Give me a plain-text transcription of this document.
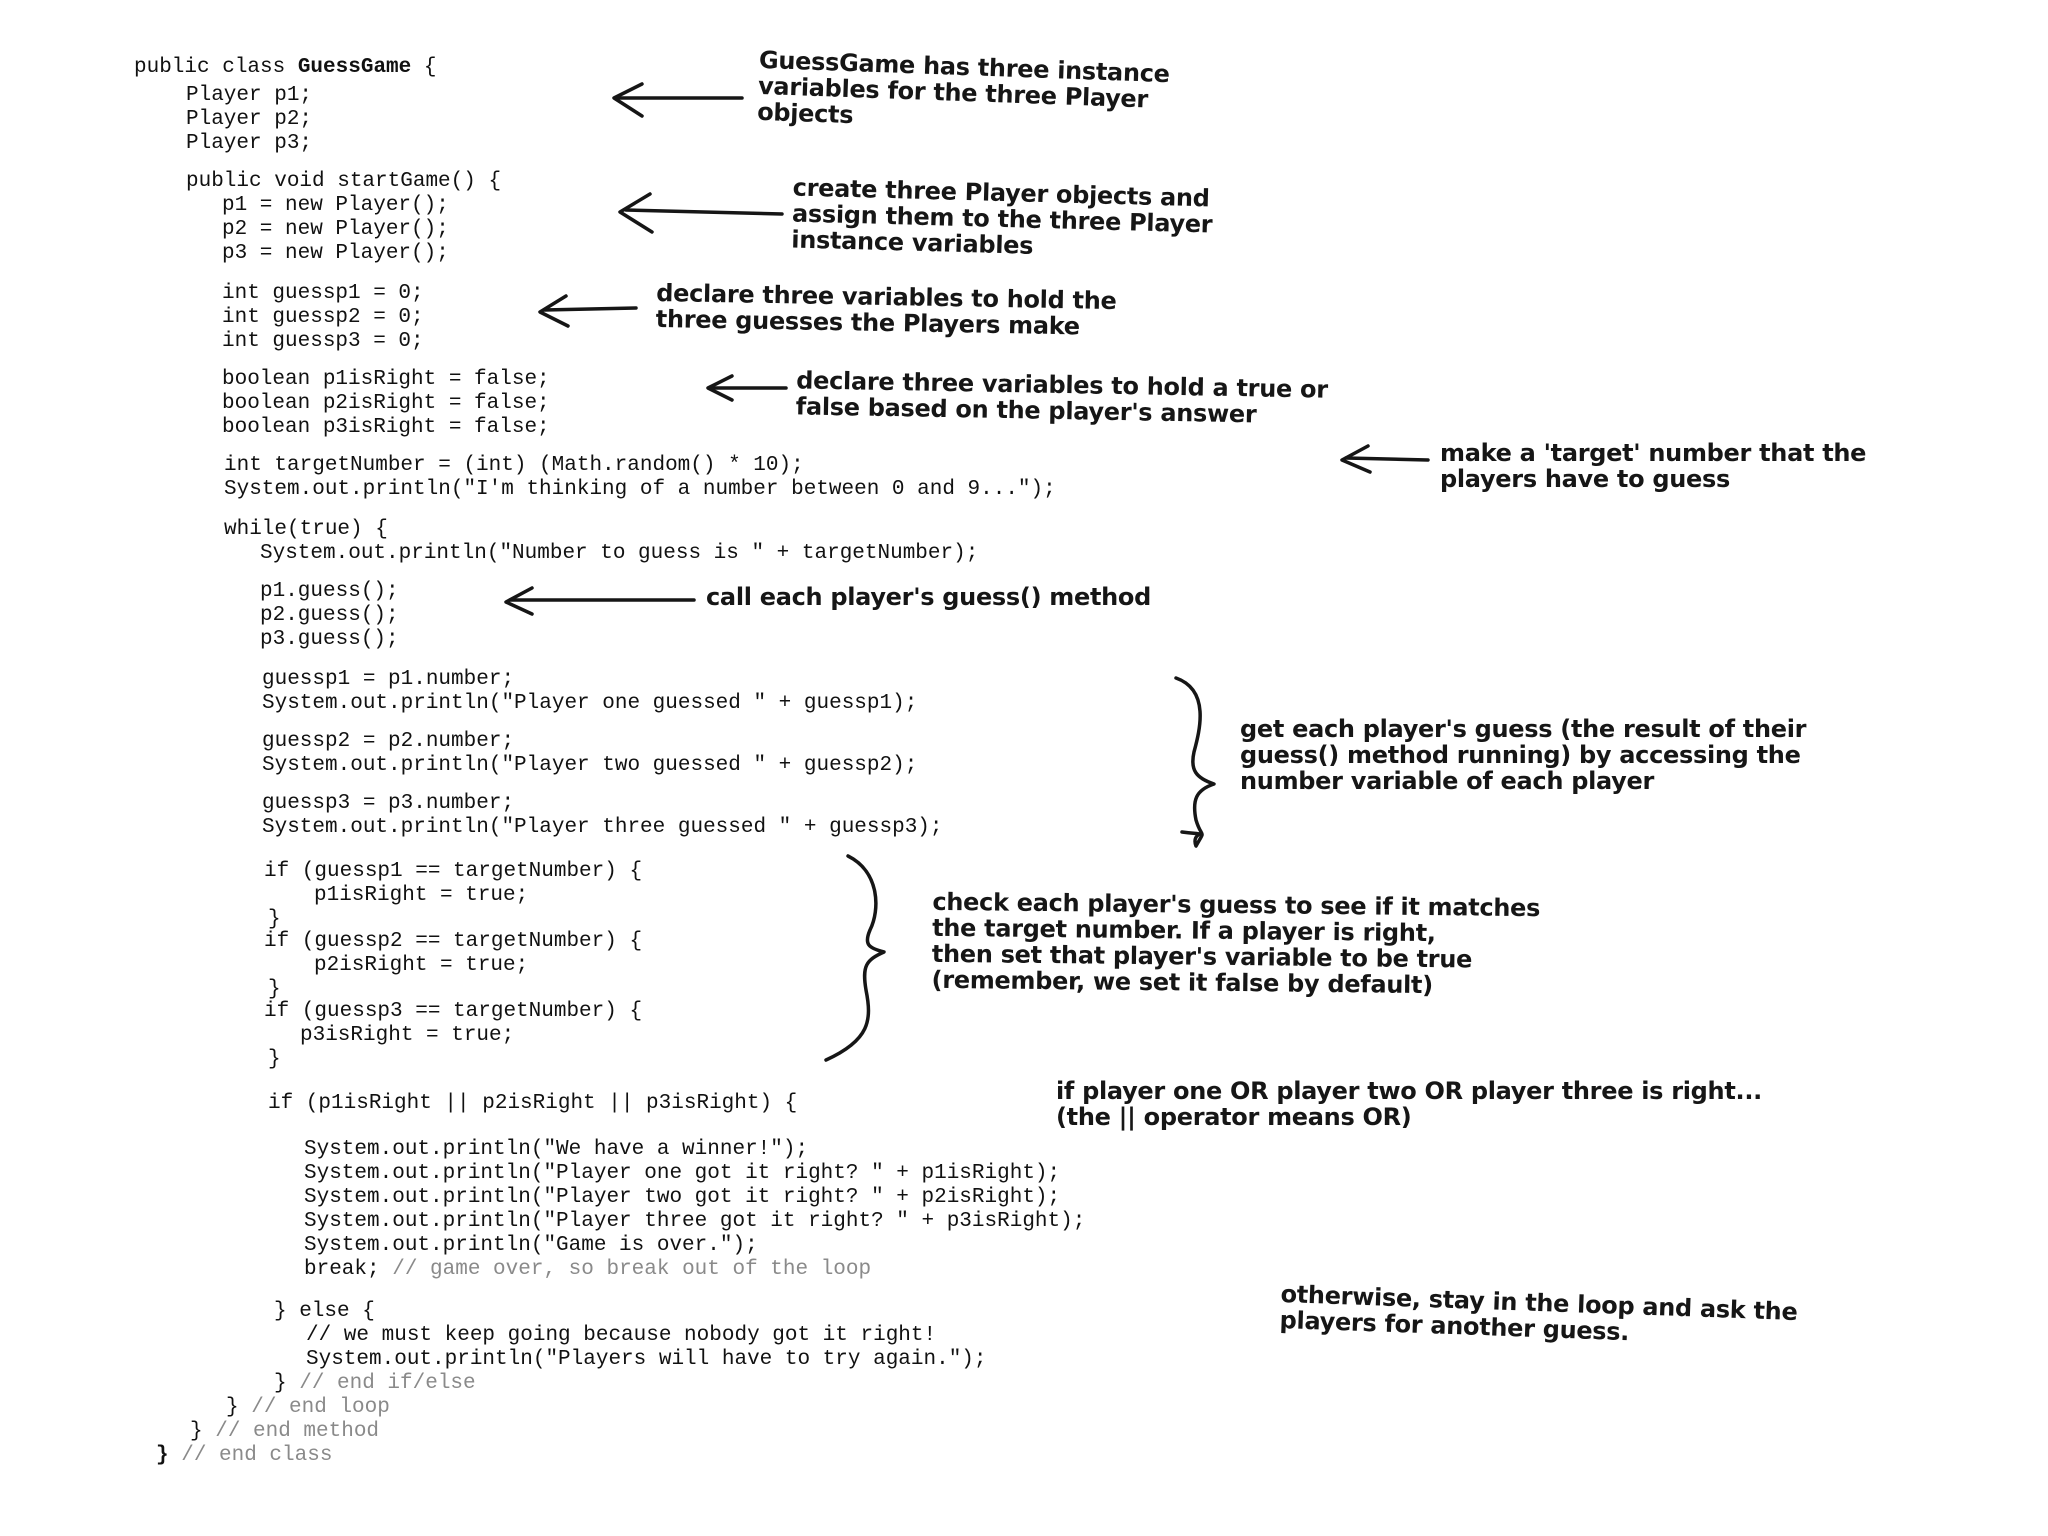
public class GuessGame {
Player p1;
Player p2;
Player p3;
public void startGame() {
p1 = new Player();
p2 = new Player();
p3 = new Player();
int guessp1 = 0;
int guessp2 = 0;
int guessp3 = 0;
boolean p1isRight = false;
boolean p2isRight = false;
boolean p3isRight = false;
int targetNumber = (int) (Math.random() * 10);
System.out.println("I'm thinking of a number between 0 and 9...");
while(true) {
System.out.println("Number to guess is " + targetNumber);
p1.guess();
p2.guess();
p3.guess();
guessp1 = p1.number;
System.out.println("Player one guessed " + guessp1);
guessp2 = p2.number;
System.out.println("Player two guessed " + guessp2);
guessp3 = p3.number;
System.out.println("Player three guessed " + guessp3);
if (guessp1 == targetNumber) {
p1isRight = true;
}
if (guessp2 == targetNumber) {
p2isRight = true;
}
if (guessp3 == targetNumber) {
p3isRight = true;
}
if (p1isRight || p2isRight || p3isRight) {
System.out.println("We have a winner!");
System.out.println("Player one got it right? " + p1isRight);
System.out.println("Player two got it right? " + p2isRight);
System.out.println("Player three got it right? " + p3isRight);
System.out.println("Game is over.");
break; // game over, so break out of the loop
} else {
// we must keep going because nobody got it right!
System.out.println("Players will have to try again.");
} // end if/else
} // end loop
} // end method
} // end class
GuessGame has three instance
variables for the three Player
objects
create three Player objects and
assign them to the three Player
instance variables
declare three variables to hold the
three guesses the Players make
declare three variables to hold a true or
false based on the player's answer
make a 'target' number that the
players have to guess
call each player's guess() method
get each player's guess (the result of their
guess() method running) by accessing the
number variable of each player
check each player's guess to see if it matches
the target number. If a player is right,
then set that player's variable to be true
(remember, we set it false by default)
if player one OR player two OR player three is right...
(the || operator means OR)
otherwise, stay in the loop and ask the
players for another guess.
